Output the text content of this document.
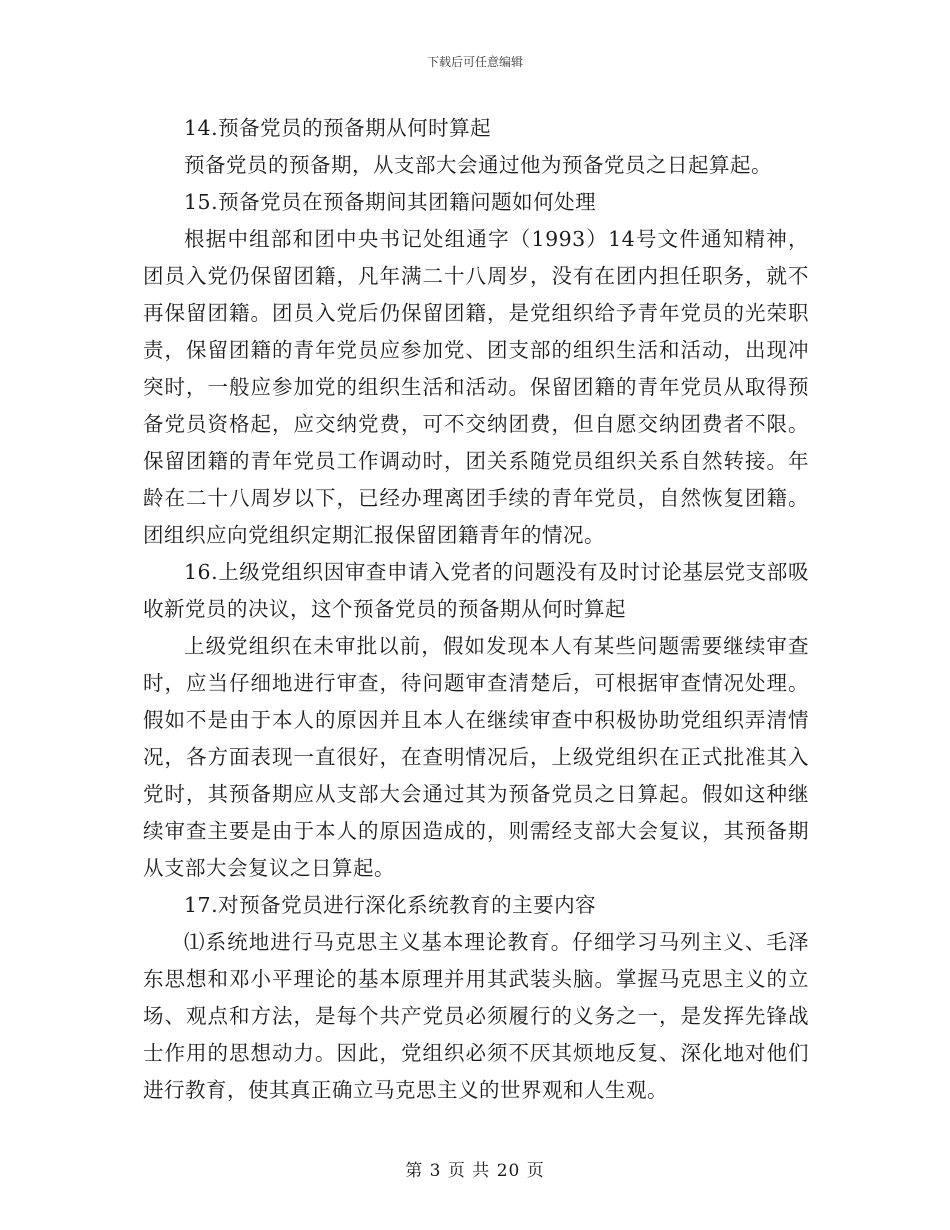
下载后可任意编辑

14.预备党员的预备期从何时算起

预备党员的预备期，从支部大会通过他为预备党员之日起算起。

15.预备党员在预备期间其团籍问题如何处理

根据中组部和团中央书记处组通字（1993）14号文件通知精神，团员入党仍保留团籍，凡年满二十八周岁，没有在团内担任职务，就不再保留团籍。团员入党后仍保留团籍，是党组织给予青年党员的光荣职责，保留团籍的青年党员应参加党、团支部的组织生活和活动，出现冲突时，一般应参加党的组织生活和活动。保留团籍的青年党员从取得预备党员资格起，应交纳党费，可不交纳团费，但自愿交纳团费者不限。保留团籍的青年党员工作调动时，团关系随党员组织关系自然转接。年龄在二十八周岁以下，已经办理离团手续的青年党员，自然恢复团籍。团组织应向党组织定期汇报保留团籍青年的情况。

16.上级党组织因审查申请入党者的问题没有及时讨论基层党支部吸收新党员的决议，这个预备党员的预备期从何时算起

上级党组织在未审批以前，假如发现本人有某些问题需要继续审查时，应当仔细地进行审查，待问题审查清楚后，可根据审查情况处理。假如不是由于本人的原因并且本人在继续审查中积极协助党组织弄清情况，各方面表现一直很好，在查明情况后，上级党组织在正式批准其入党时，其预备期应从支部大会通过其为预备党员之日算起。假如这种继续审查主要是由于本人的原因造成的，则需经支部大会复议，其预备期从支部大会复议之日算起。

17.对预备党员进行深化系统教育的主要内容

⑴系统地进行马克思主义基本理论教育。仔细学习马列主义、毛泽东思想和邓小平理论的基本原理并用其武装头脑。掌握马克思主义的立场、观点和方法，是每个共产党员必须履行的义务之一，是发挥先锋战士作用的思想动力。因此，党组织必须不厌其烦地反复、深化地对他们进行教育，使其真正确立马克思主义的世界观和人生观。

第 3 页 共 20 页
